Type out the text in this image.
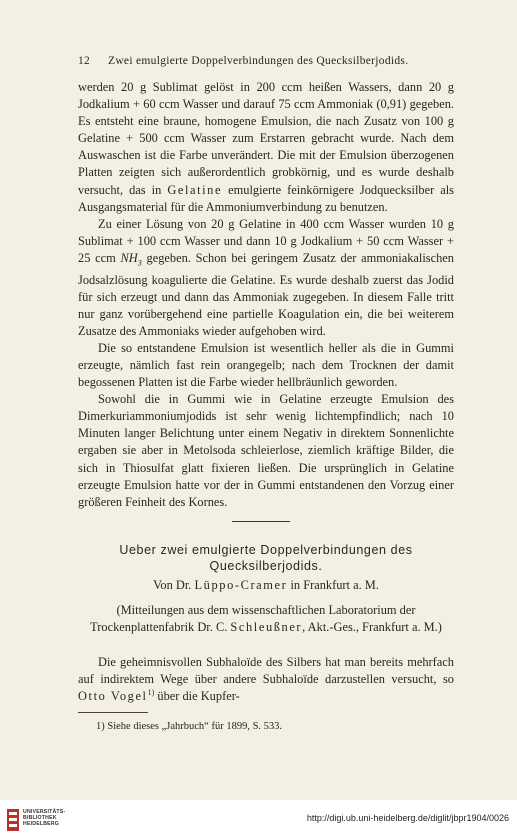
12 Zwei emulgierte Doppelverbindungen des Quecksilberjodids.

werden 20 g Sublimat gelöst in 200 ccm heißen Wassers, dann 20 g Jodkalium + 60 ccm Wasser und darauf 75 ccm Ammoniak (0,91) gegeben. Es entsteht eine braune, homogene Emulsion, die nach Zusatz von 100 g Gelatine + 500 ccm Wasser zum Erstarren gebracht wurde. Nach dem Auswaschen ist die Farbe unverändert. Die mit der Emulsion überzogenen Platten zeigten sich außerordentlich grobkörnig, und es wurde deshalb versucht, das in Gelatine emulgierte feinkörnigere Jodquecksilber als Ausgangsmaterial für die Ammoniumverbindung zu benutzen.

Zu einer Lösung von 20 g Gelatine in 400 ccm Wasser wurden 10 g Sublimat + 100 ccm Wasser und dann 10 g Jodkalium + 50 ccm Wasser + 25 ccm $NH_3$ gegeben. Schon bei geringem Zusatz der ammoniakalischen Jodsalzlösung koagulierte die Gelatine. Es wurde deshalb zuerst das Jodid für sich erzeugt und dann das Ammoniak zugegeben. In diesem Falle tritt nur ganz vorübergehend eine partielle Koagulation ein, die bei weiterem Zusatze des Ammoniaks wieder aufgehoben wird.

Die so entstandene Emulsion ist wesentlich heller als die in Gummi erzeugte, nämlich fast rein orangegelb; nach dem Trocknen der damit begossenen Platten ist die Farbe wieder hellbräunlich geworden.

Sowohl die in Gummi wie in Gelatine erzeugte Emulsion des Dimerkuriammoniumjodids ist sehr wenig lichtempfindlich; nach 10 Minuten langer Belichtung unter einem Negativ in direktem Sonnenlichte ergaben sie aber in Metolsoda schleierlose, ziemlich kräftige Bilder, die sich in Thiosulfat glatt fixieren ließen. Die ursprünglich in Gelatine erzeugte Emulsion hatte vor der in Gummi entstandenen den Vorzug einer größeren Feinheit des Kornes.

Ueber zwei emulgierte Doppelverbindungen des
Quecksilberjodids.
Von Dr. Lüppo-Cramer in Frankfurt a. M.
(Mitteilungen aus dem wissenschaftlichen Laboratorium der Trockenplattenfabrik Dr. C. Schleußner, Akt.-Ges., Frankfurt a. M.)

Die geheimnisvollen Subhaloïde des Silbers hat man bereits mehrfach auf indirektem Wege über andere Subhaloïde darzustellen versucht, so Otto Vogel$^{1)}$ über die Kupfer-

1) Siehe dieses „Jahrbuch“ für 1899, S. 533.
UNIVERSITÄTS-
BIBLIOTHEK
HEIDELBERG
http://digi.ub.uni-heidelberg.de/diglit/jbpr1904/0026
